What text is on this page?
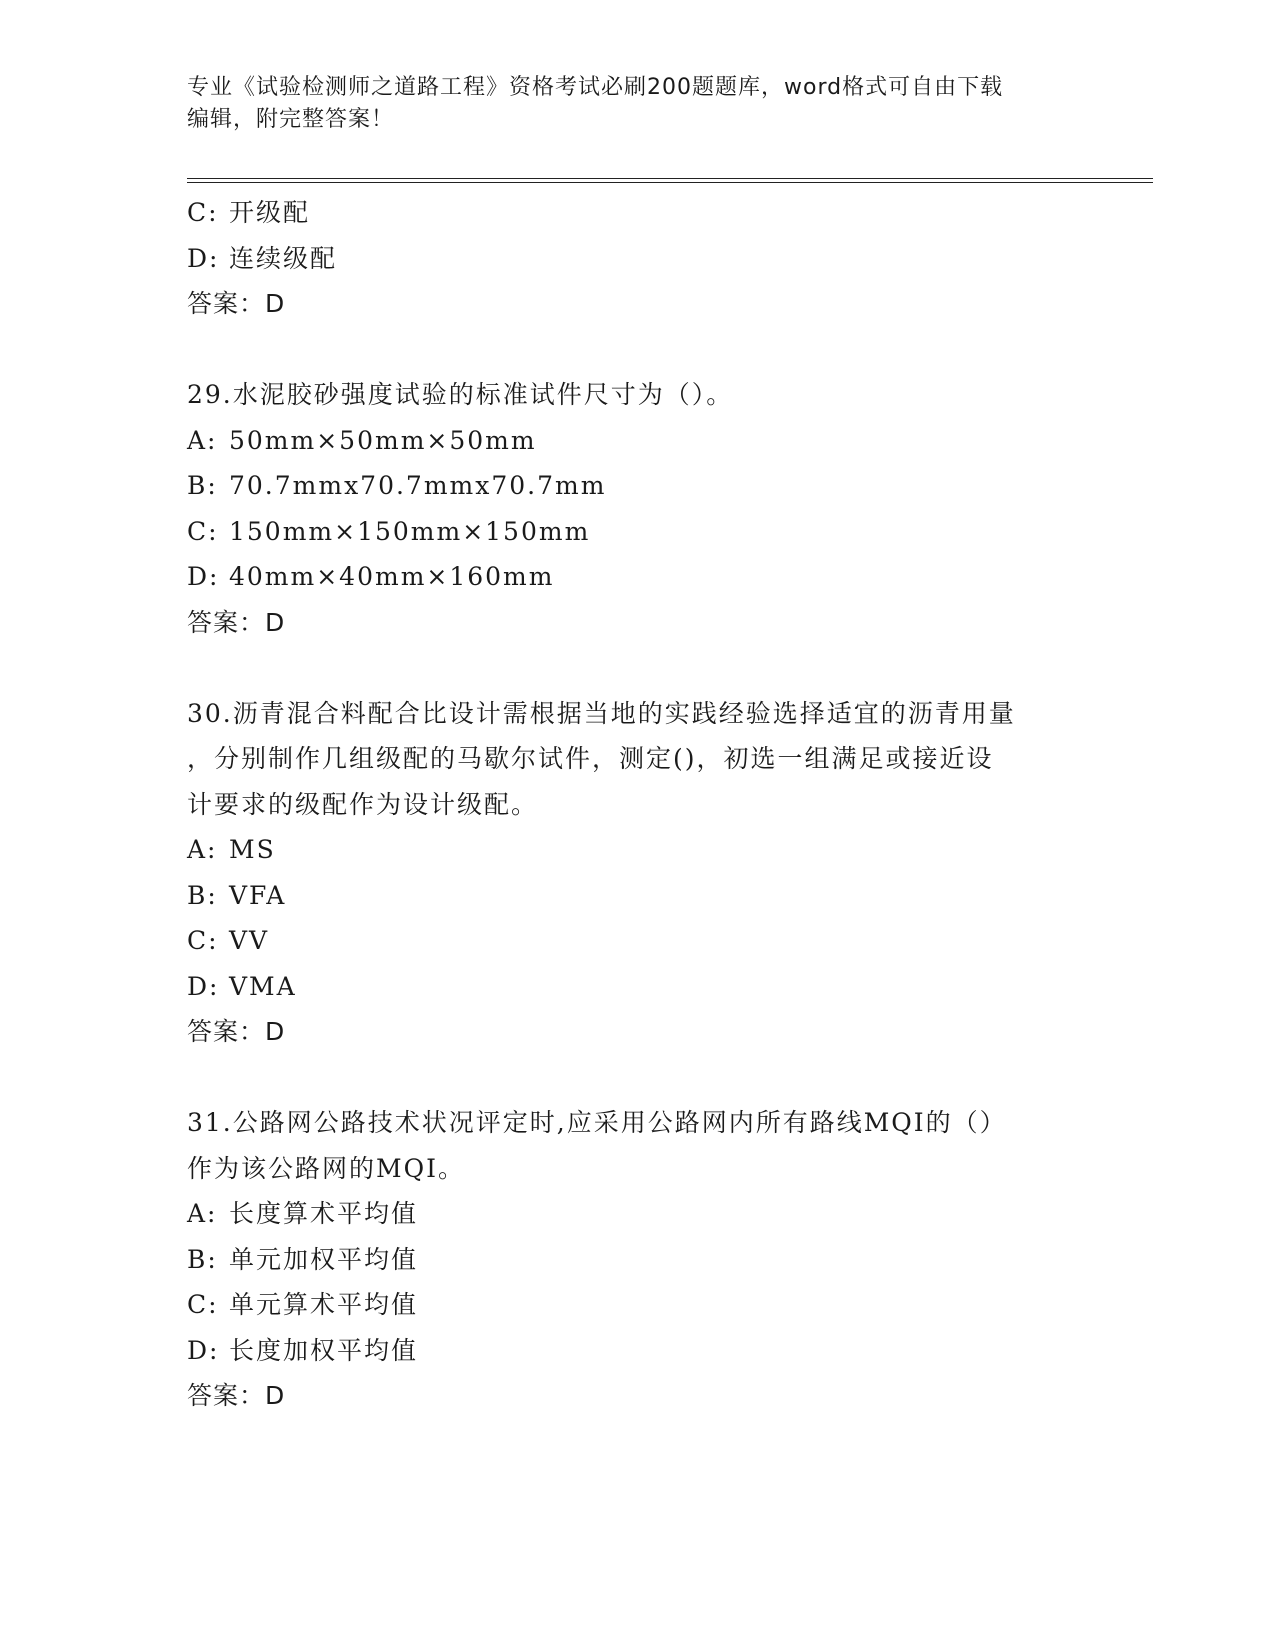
专业《试验检测师之道路工程》资格考试必刷200题题库，word格式可自由下载
编辑，附完整答案！
C: 开级配
D: 连续级配
答案：D
29.水泥胶砂强度试验的标准试件尺寸为（）。
A: 50mm×50mm×50mm
B: 70.7mmx70.7mmx70.7mm
C: 150mm×150mm×150mm
D: 40mm×40mm×160mm
答案：D
30.沥青混合料配合比设计需根据当地的实践经验选择适宜的沥青用量
，分别制作几组级配的马歇尔试件，测定()，初选一组满足或接近设
计要求的级配作为设计级配。
A: MS
B: VFA
C: VV
D: VMA
答案：D
31.公路网公路技术状况评定时,应采用公路网内所有路线MQI的（）
作为该公路网的MQI。
A: 长度算术平均值
B: 单元加权平均值
C: 单元算术平均值
D: 长度加权平均值
答案：D
